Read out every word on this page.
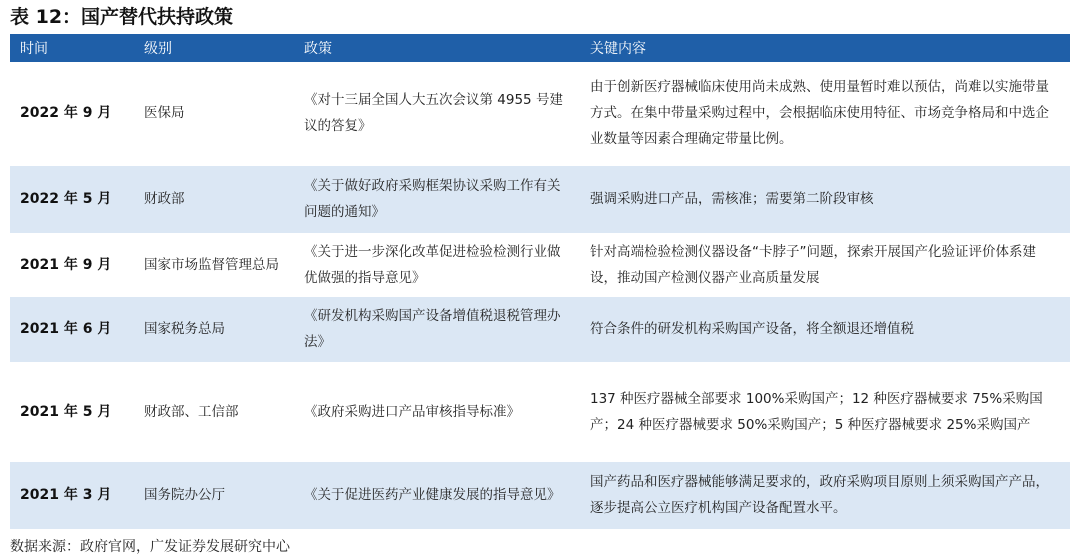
表 12：国产替代扶持政策
时间	级别	政策	关键内容
2022 年 9 月	医保局	《对十三届全国人大五次会议第 4955 号建议的答复》	由于创新医疗器械临床使用尚未成熟、使用量暂时难以预估，尚难以实施带量方式。在集中带量采购过程中，会根据临床使用特征、市场竞争格局和中选企业数量等因素合理确定带量比例。
2022 年 5 月	财政部	《关于做好政府采购框架协议采购工作有关问题的通知》	强调采购进口产品，需核准；需要第二阶段审核
2021 年 9 月	国家市场监督管理总局	《关于进一步深化改革促进检验检测行业做优做强的指导意见》	针对高端检验检测仪器设备“卡脖子”问题，探索开展国产化验证评价体系建设，推动国产检测仪器产业高质量发展
2021 年 6 月	国家税务总局	《研发机构采购国产设备增值税退税管理办法》	符合条件的研发机构采购国产设备，将全额退还增值税
2021 年 5 月	财政部、工信部	《政府采购进口产品审核指导标准》	137 种医疗器械全部要求 100%采购国产；12 种医疗器械要求 75%采购国产；24 种医疗器械要求 50%采购国产；5 种医疗器械要求 25%采购国产
2021 年 3 月	国务院办公厅	《关于促进医药产业健康发展的指导意见》	国产药品和医疗器械能够满足要求的，政府采购项目原则上须采购国产产品，逐步提高公立医疗机构国产设备配置水平。
数据来源：政府官网，广发证券发展研究中心
